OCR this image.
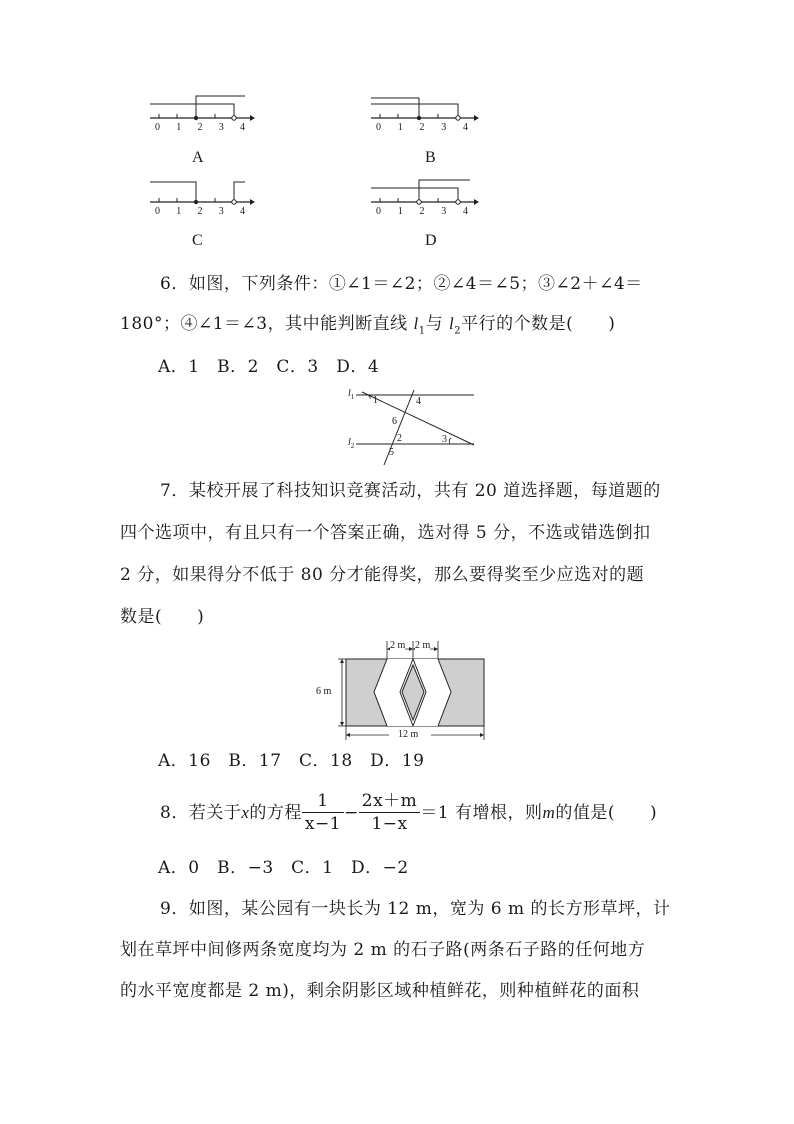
0 1 2 3 4
A
0 1 2 3 4
B
0 1 2 3 4
C
0 1 2 3 4
D
6．如图，下列条件：①∠1＝∠2；②∠4＝∠5；③∠2＋∠4＝
180°；④∠1＝∠3，其中能判断直线 $l_1$与 $l_2$平行的个数是(　　)
A．1　B．2　C．3　D．4
$l_1$
$l_2$
1	4
6
2	3
5
7．某校开展了科技知识竞赛活动，共有 20 道选择题，每道题的
四个选项中，有且只有一个答案正确，选对得 5 分，不选或错选倒扣
2 分，如果得分不低于 80 分才能得奖，那么要得奖至少应选对的题
数是(　　)
2 m 2 m
6 m
12 m
A．16　B．17　C．18　D．19
8．若关于 x 的方程 $\frac{1}{x-1} - \frac{2x+m}{1-x} =1$ 有增根，则 m 的值是(　　)
A．0　B．−3　C．1　D．−2
9．如图，某公园有一块长为 12 m，宽为 6 m 的长方形草坪，计
划在草坪中间修两条宽度均为 2 m 的石子路(两条石子路的任何地方
的水平宽度都是 2 m)，剩余阴影区域种植鲜花，则种植鲜花的面积
